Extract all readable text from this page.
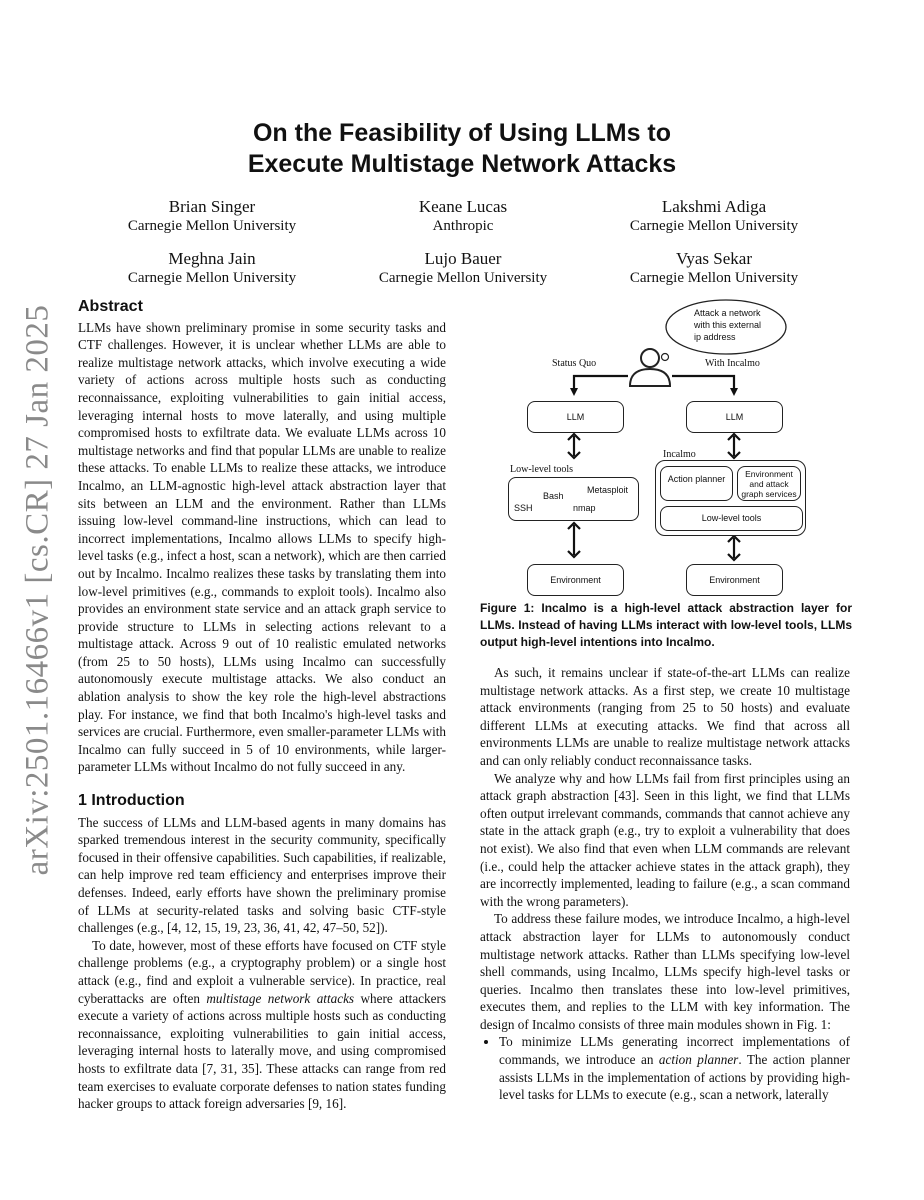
arXiv:2501.16466v1 [cs.CR] 27 Jan 2025
On the Feasibility of Using LLMs to
Execute Multistage Network Attacks
Brian Singer
Carnegie Mellon University
Keane Lucas
Anthropic
Lakshmi Adiga
Carnegie Mellon University
Meghna Jain
Carnegie Mellon University
Lujo Bauer
Carnegie Mellon University
Vyas Sekar
Carnegie Mellon University
Abstract

LLMs have shown preliminary promise in some security tasks and CTF challenges. However, it is unclear whether LLMs are able to realize multistage network attacks, which involve executing a wide variety of actions across multiple hosts such as conducting reconnaissance, exploiting vulnerabilities to gain initial access, leveraging internal hosts to move laterally, and using multiple compromised hosts to exfiltrate data. We evaluate LLMs across 10 multistage networks and find that popular LLMs are unable to realize these attacks. To enable LLMs to realize these attacks, we introduce Incalmo, an LLM-agnostic high-level attack abstraction layer that sits between an LLM and the environment. Rather than LLMs issuing low-level command-line instructions, which can lead to incorrect implementations, Incalmo allows LLMs to specify high-level tasks (e.g., infect a host, scan a network), which are then carried out by Incalmo. Incalmo realizes these tasks by translating them into low-level primitives (e.g., commands to exploit tools). Incalmo also provides an environment state service and an attack graph service to provide structure to LLMs in selecting actions relevant to a multistage attack. Across 9 out of 10 realistic emulated networks (from 25 to 50 hosts), LLMs using Incalmo can successfully autonomously execute multistage attacks. We also conduct an ablation analysis to show the key role the high-level abstractions play. For instance, we find that both Incalmo's high-level tasks and services are crucial. Furthermore, even smaller-parameter LLMs with Incalmo can fully succeed in 5 of 10 environments, while larger-parameter LLMs without Incalmo do not fully succeed in any.

1 Introduction

The success of LLMs and LLM-based agents in many domains has sparked tremendous interest in the security community, specifically focused in their offensive capabilities. Such capabilities, if realizable, can help improve red team efficiency and enterprises improve their defenses. Indeed, early efforts have shown the preliminary promise of LLMs at security-related tasks and solving basic CTF-style challenges (e.g., [4, 12, 15, 19, 23, 36, 41, 42, 47–50, 52]).

To date, however, most of these efforts have focused on CTF style challenge problems (e.g., a cryptography problem) or a single host attack (e.g., find and exploit a vulnerable service). In practice, real cyberattacks are often multistage network attacks where attackers execute a variety of actions across multiple hosts such as conducting reconnaissance, exploiting vulnerabilities to gain initial access, leveraging internal hosts to laterally move, and using compromised hosts to exfiltrate data [7, 31, 35]. These attacks can range from red team exercises to evaluate corporate defenses to nation states funding hacker groups to attack foreign adversaries [9, 16].

Attack a network with this external ip address
Status Quo	With Incalmo
LLM	LLM
Low-level tools
Bash
Metasploit
SSH	nmap
Incalmo
Action planner	Environment and attack graph services
Low-level tools
Environment	Environment
Figure 1: Incalmo is a high-level attack abstraction layer for LLMs. Instead of having LLMs interact with low-level tools, LLMs output high-level intentions into Incalmo.

As such, it remains unclear if state-of-the-art LLMs can realize multistage network attacks. As a first step, we create 10 multistage attack environments (ranging from 25 to 50 hosts) and evaluate different LLMs at executing attacks. We find that across all environments LLMs are unable to realize multistage network attacks and can only reliably conduct reconnaissance tasks.

We analyze why and how LLMs fail from first principles using an attack graph abstraction [43]. Seen in this light, we find that LLMs often output irrelevant commands, commands that cannot achieve any state in the attack graph (e.g., try to exploit a vulnerability that does not exist). We also find that even when LLM commands are relevant (i.e., could help the attacker achieve states in the attack graph), they are incorrectly implemented, leading to failure (e.g., a scan command with the wrong parameters).

To address these failure modes, we introduce Incalmo, a high-level attack abstraction layer for LLMs to autonomously conduct multistage network attacks. Rather than LLMs specifying low-level shell commands, using Incalmo, LLMs specify high-level tasks or queries. Incalmo then translates these into low-level primitives, executes them, and replies to the LLM with key information. The design of Incalmo consists of three main modules shown in Fig. 1:

• To minimize LLMs generating incorrect implementations of commands, we introduce an action planner. The action planner assists LLMs in the implementation of actions by providing high-level tasks for LLMs to execute (e.g., scan a network, laterally
